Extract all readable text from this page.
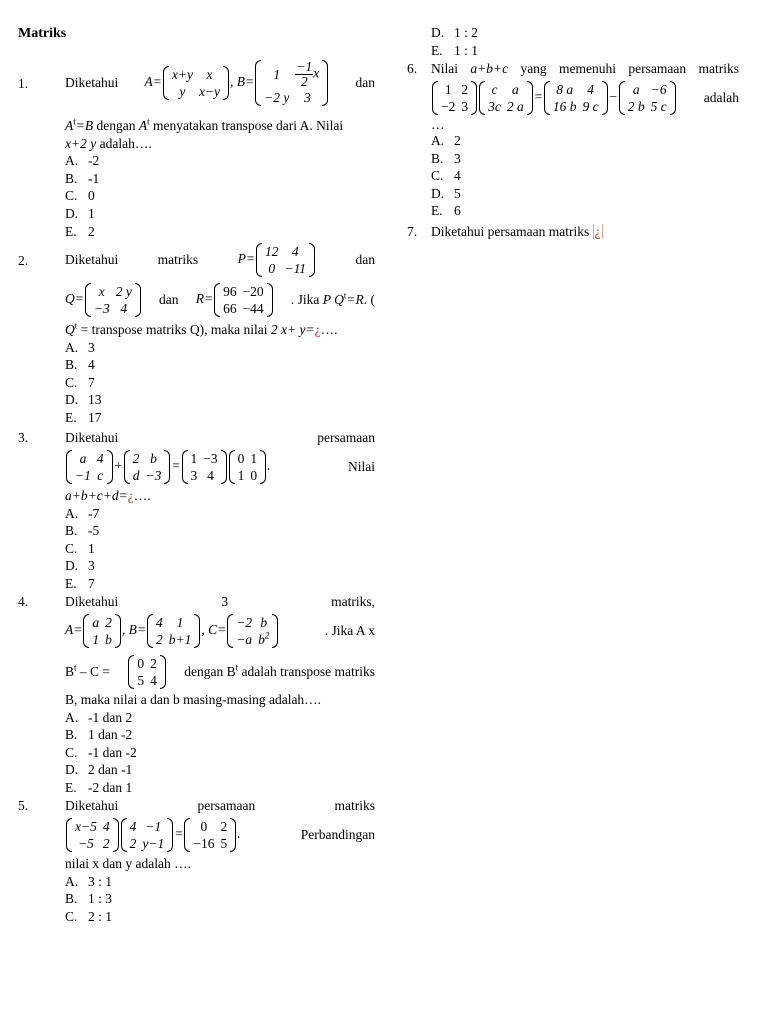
Matriks
1.	Diketahui A= x+y	x
y	x−y
, B= 1	$\frac{-1}{2}$ x
−2 y	3
dan
$A^t=B$ dengan $A^t$ menyatakan transpose dari A. Nilai
x+2 y adalah….
A. -2
B. -1
C. 0
D. 1
E. 2
2.	Diketahui	matriks	P= 12	4
0	−11
dan
Q= x	2 y
−3	4
dan R= 96	−20
66	−44
. Jika P $Q^t=R$. (
$Q^t$ = transpose matriks Q), maka nilai 2 x+ y=¿….
A. 3
B. 4
C. 7
D. 13
E. 17
3.	Diketahui	persamaan
a	4
−1	c
+ 2	b
d	−3
= 1	−3
3	4
0	1
1	0
.	Nilai
a+b+c+d=¿….
A. -7
B. -5
C. 1
D. 3
E. 7
4.	Diketahui	3	matriks,
A= a	2
1	b
, B= 4	1
2	b+1
, C= −2	b
−a	$b^2$	. Jika A x
$B^t$ – C =
0	2
5	4
dengan $B^t$ adalah transpose matriks
B, maka nilai a dan b masing-masing adalah….
A. -1 dan 2
B. 1 dan -2
C. -1 dan -2
D. 2 dan -1
E. -2 dan 1
5.	Diketahui	persamaan	matriks
x−5	4
−5	2
4	−1
2	y−1
= 0	2
−16	5
.	Perbandingan
nilai x dan y adalah ….
A. 3 : 1
B. 1 : 3
C. 2 : 1
D. 1 : 2
E. 1 : 1
6. Nilai a+b+c yang memenuhi persamaan matriks
1	2
−2	3
c	a
3c	2 a
= 8 a	4
16 b	9 c
− a	−6
2 b	5 c
adalah
…
A. 2
B. 3
C. 4
D. 5
E. 6
7. Diketahui persamaan matriks ¿
